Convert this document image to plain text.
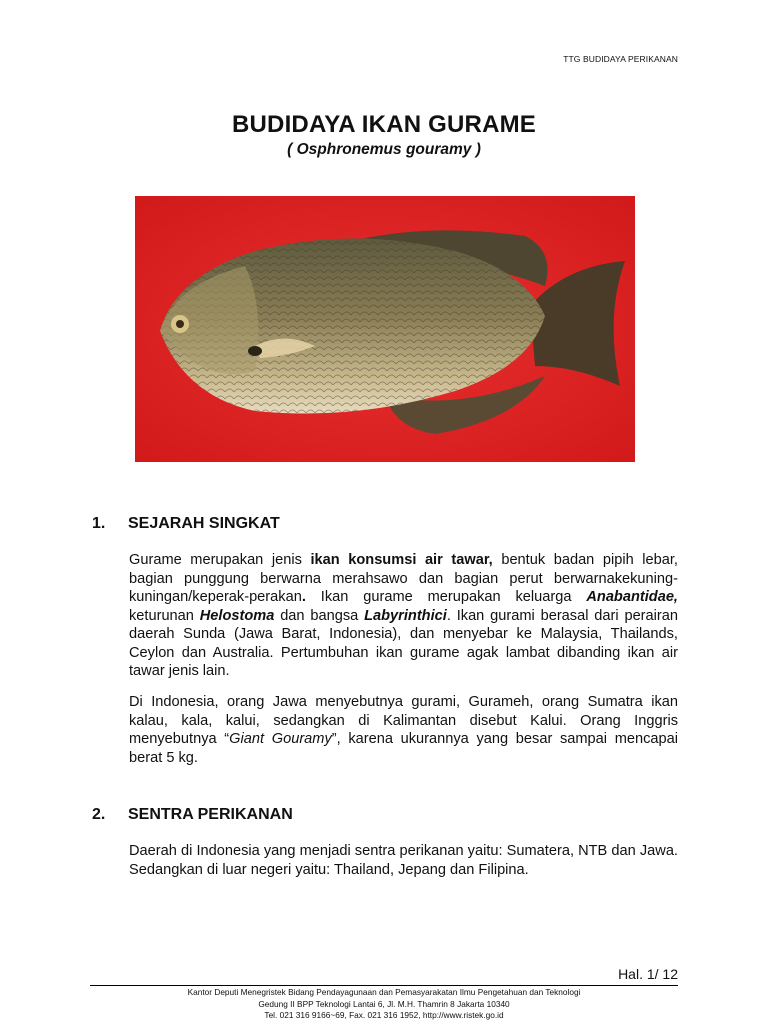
TTG BUDIDAYA PERIKANAN
BUDIDAYA IKAN GURAME
( Osphronemus gouramy )
1. SEJARAH SINGKAT
Gurame merupakan jenis ikan konsumsi air tawar, bentuk badan pipih lebar, bagian punggung berwarna merahsawo dan bagian perut berwarnakekuning-kuningan/keperak-perakan. Ikan gurame merupakan keluarga Anabantidae, keturunan Helostoma dan bangsa Labyrinthici. Ikan gurami berasal dari perairan daerah Sunda (Jawa Barat, Indonesia), dan menyebar ke Malaysia, Thailands, Ceylon dan Australia. Pertumbuhan ikan gurame agak lambat dibanding ikan air tawar jenis lain.
Di Indonesia, orang Jawa menyebutnya gurami, Gurameh, orang Sumatra ikan kalau, kala, kalui, sedangkan di Kalimantan disebut Kalui. Orang Inggris menyebutnya “Giant Gouramy”, karena ukurannya yang besar sampai mencapai berat 5 kg.
2. SENTRA PERIKANAN
Daerah di Indonesia yang menjadi sentra perikanan yaitu: Sumatera, NTB dan Jawa. Sedangkan di luar negeri yaitu: Thailand, Jepang dan Filipina.
Hal. 1/ 12
Kantor Deputi Menegristek Bidang Pendayagunaan dan Pemasyarakatan Ilmu Pengetahuan dan Teknologi
Gedung II BPP Teknologi Lantai 6, Jl. M.H. Thamrin 8 Jakarta 10340
Tel. 021 316 9166~69, Fax. 021 316 1952, http://www.ristek.go.id
